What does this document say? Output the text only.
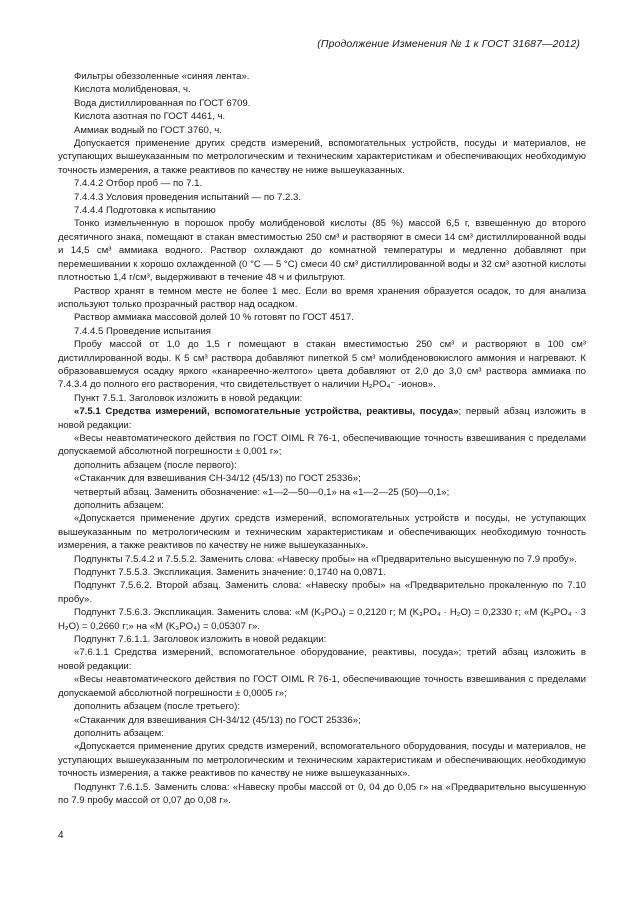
(Продолжение Изменения № 1 к ГОСТ 31687—2012)

Фильтры обеззоленные «синяя лента».

Кислота молибденовая, ч.

Вода дистиллированная по ГОСТ 6709.

Кислота азотная по ГОСТ 4461, ч.

Аммиак водный по ГОСТ 3760, ч.

Допускается применение других средств измерений, вспомогательных устройств, посуды и материалов, не уступающих вышеуказанным по метрологическим и техническим характеристикам и обеспечивающих необходимую точность измерения, а также реактивов по качеству не ниже вышеуказанных.

7.4.4.2 Отбор проб — по 7.1.

7.4.4.3 Условия проведения испытаний — по 7.2.3.

7.4.4.4 Подготовка к испытанию

Тонко измельченную в порошок пробу молибденовой кислоты (85 %) массой 6,5 г, взвешенную до второго десятичного знака, помещают в стакан вместимостью 250 см³ и растворяют в смеси 14 см³ дистиллированной воды и 14,5 см³ аммиака водного. Раствор охлаждают до комнатной температуры и медленно добавляют при перемешивании к хорошо охлажденной (0 °С — 5 °С) смеси 40 см³ дистиллированной воды и 32 см³ азотной кислоты плотностью 1,4 г/см³, выдерживают в течение 48 ч и фильтруют.

Раствор хранят в темном месте не более 1 мес. Если во время хранения образуется осадок, то для анализа используют только прозрачный раствор над осадком.

Раствор аммиака массовой долей 10 % готовят по ГОСТ 4517.

7.4.4.5 Проведение испытания

Пробу массой от 1,0 до 1,5 г помещают в стакан вместимостью 250 см³ и растворяют в 100 см³ дистиллированной воды. К 5 см³ раствора добавляют пипеткой 5 см³ молибденовокислого аммония и нагревают. К образовавшемуся осадку яркого «канареечно-желтого» цвета добавляют от 2,0 до 3,0 см³ раствора аммиака по 7.4.3.4 до полного его растворения, что свидетельствует о наличии H₂PO₄⁻ -ионов».

Пункт 7.5.1. Заголовок изложить в новой редакции:

«7.5.1 Средства измерений, вспомогательные устройства, реактивы, посуда»; первый абзац изложить в новой редакции:

«Весы неавтоматического действия по ГОСТ OIML R 76-1, обеспечивающие точность взвешивания с пределами допускаемой абсолютной погрешности ± 0,001 г»;

дополнить абзацем (после первого):

«Стаканчик для взвешивания СН-34/12 (45/13) по ГОСТ 25336»;

четвертый абзац. Заменить обозначение: «1—2—50—0,1» на «1—2—25 (50)—0,1»;

дополнить абзацем:

«Допускается применение других средств измерений, вспомогательных устройств и посуды, не уступающих вышеуказанным по метрологическим и техническим характеристикам и обеспечивающих необходимую точность измерения, а также реактивов по качеству не ниже вышеуказанных».

Подпункты 7.5.4.2 и 7.5.5.2. Заменить слова: «Навеску пробы» на «Предварительно высушенную по 7.9 пробу».

Подпункт 7.5.5.3. Экспликация. Заменить значение: 0,1740 на 0,0871.

Подпункт 7.5.6.2. Второй абзац. Заменить слова: «Навеску пробы» на «Предварительно прокаленную по 7.10 пробу».

Подпункт 7.5.6.3. Экспликация. Заменить слова: «M (K₃PO₄) = 0,2120 г; M (K₃PO₄ · H₂O) = 0,2330 г; «M (K₃PO₄ · 3 H₂O) = 0,2660 г;» на «M (K₃PO₄) = 0,05307 г».

Подпункт 7.6.1.1. Заголовок изложить в новой редакции:

«7.6.1.1 Средства измерений, вспомогательное оборудование, реактивы, посуда»; третий абзац изложить в новой редакции:

«Весы неавтоматического действия по ГОСТ OIML R 76-1, обеспечивающие точность взвешивания с пределами допускаемой абсолютной погрешности ± 0,0005 г»;

дополнить абзацем (после третьего):

«Стаканчик для взвешивания СН-34/12 (45/13) по ГОСТ 25336»;

дополнить абзацем:

«Допускается применение других средств измерений, вспомогательного оборудования, посуды и материалов, не уступающих вышеуказанным по метрологическим и техническим характеристикам и обеспечивающих необходимую точность измерения, а также реактивов по качеству не ниже вышеуказанных».

Подпункт 7.6.1.5. Заменить слова: «Навеску пробы массой от 0, 04 до 0,05 г» на «Предварительно высушенную по 7.9 пробу массой от 0,07 до 0,08 г».

4
